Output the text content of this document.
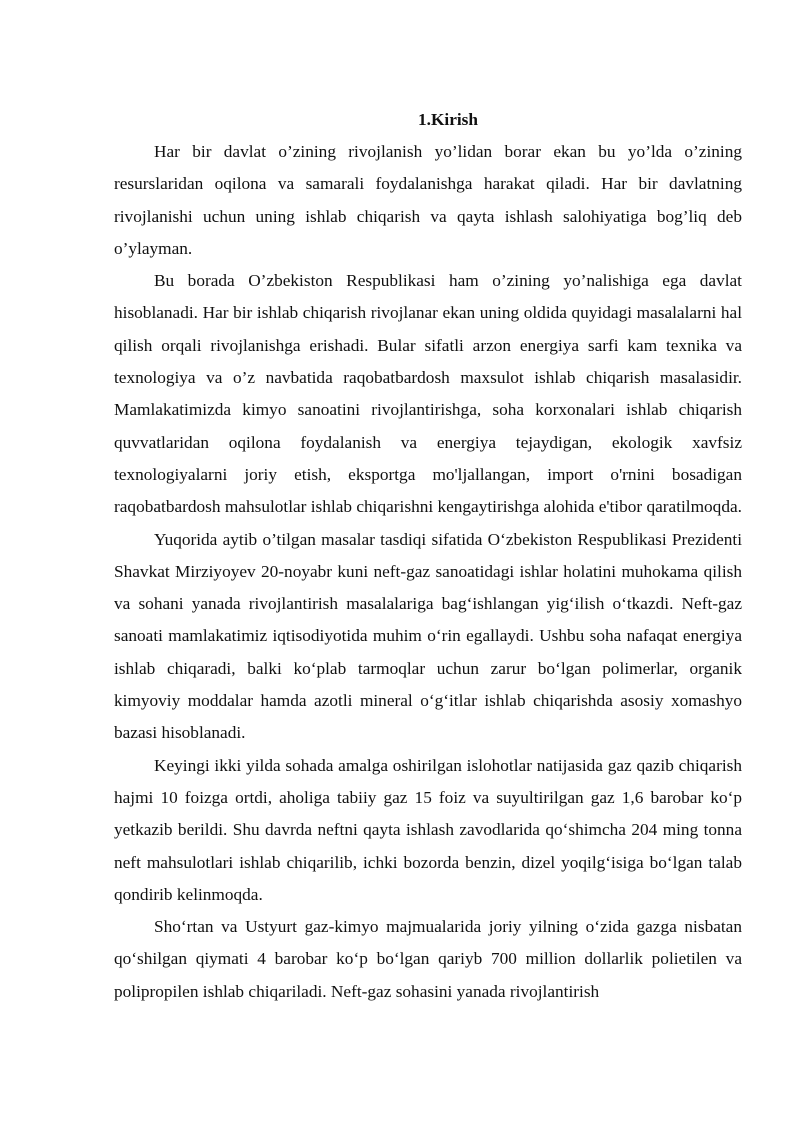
1.Kirish

Har bir davlat o’zining rivojlanish yo’lidan borar ekan bu yo’lda o’zining resurslaridan oqilona va samarali foydalanishga harakat qiladi. Har bir davlatning rivojlanishi uchun uning ishlab chiqarish va qayta ishlash salohiyatiga bog’liq deb o’ylayman.

Bu borada O’zbekiston Respublikasi ham o’zining yo’nalishiga ega davlat hisoblanadi. Har bir ishlab chiqarish rivojlanar ekan uning oldida quyidagi masalalarni hal qilish orqali rivojlanishga erishadi. Bular sifatli arzon energiya sarfi kam texnika va texnologiya va o’z navbatida raqobatbardosh maxsulot ishlab chiqarish masalasidir. Mamlakatimizda kimyo sanoatini rivojlantirishga, soha korxonalari ishlab chiqarish quvvatlaridan oqilona foydalanish va energiya tejaydigan, ekologik xavfsiz texnologiyalarni joriy etish, eksportga mo'ljallangan, import o'rnini bosadigan raqobatbardosh mahsulotlar ishlab chiqarishni kengaytirishga alohida e'tibor qaratilmoqda.

Yuqorida aytib o’tilgan masalar tasdiqi sifatida O‘zbekiston Respublikasi Prezidenti Shavkat Mirziyoyev 20-noyabr kuni neft-gaz sanoatidagi ishlar holatini muhokama qilish va sohani yanada rivojlantirish masalalariga bag‘ishlangan yig‘ilish o‘tkazdi. Neft-gaz sanoati mamlakatimiz iqtisodiyotida muhim o‘rin egallaydi. Ushbu soha nafaqat energiya ishlab chiqaradi, balki ko‘plab tarmoqlar uchun zarur bo‘lgan polimerlar, organik kimyoviy moddalar hamda azotli mineral o‘g‘itlar ishlab chiqarishda asosiy xomashyo bazasi hisoblanadi.

Keyingi ikki yilda sohada amalga oshirilgan islohotlar natijasida gaz qazib chiqarish hajmi 10 foizga ortdi, aholiga tabiiy gaz 15 foiz va suyultirilgan gaz 1,6 barobar ko‘p yetkazib berildi. Shu davrda neftni qayta ishlash zavodlarida qo‘shimcha 204 ming tonna neft mahsulotlari ishlab chiqarilib, ichki bozorda benzin, dizel yoqilg‘isiga bo‘lgan talab qondirib kelinmoqda.

Sho‘rtan va Ustyurt gaz-kimyo majmualarida joriy yilning o‘zida gazga nisbatan qo‘shilgan qiymati 4 barobar ko‘p bo‘lgan qariyb 700 million dollarlik polietilen va polipropilen ishlab chiqariladi. Neft-gaz sohasini yanada rivojlantirish
